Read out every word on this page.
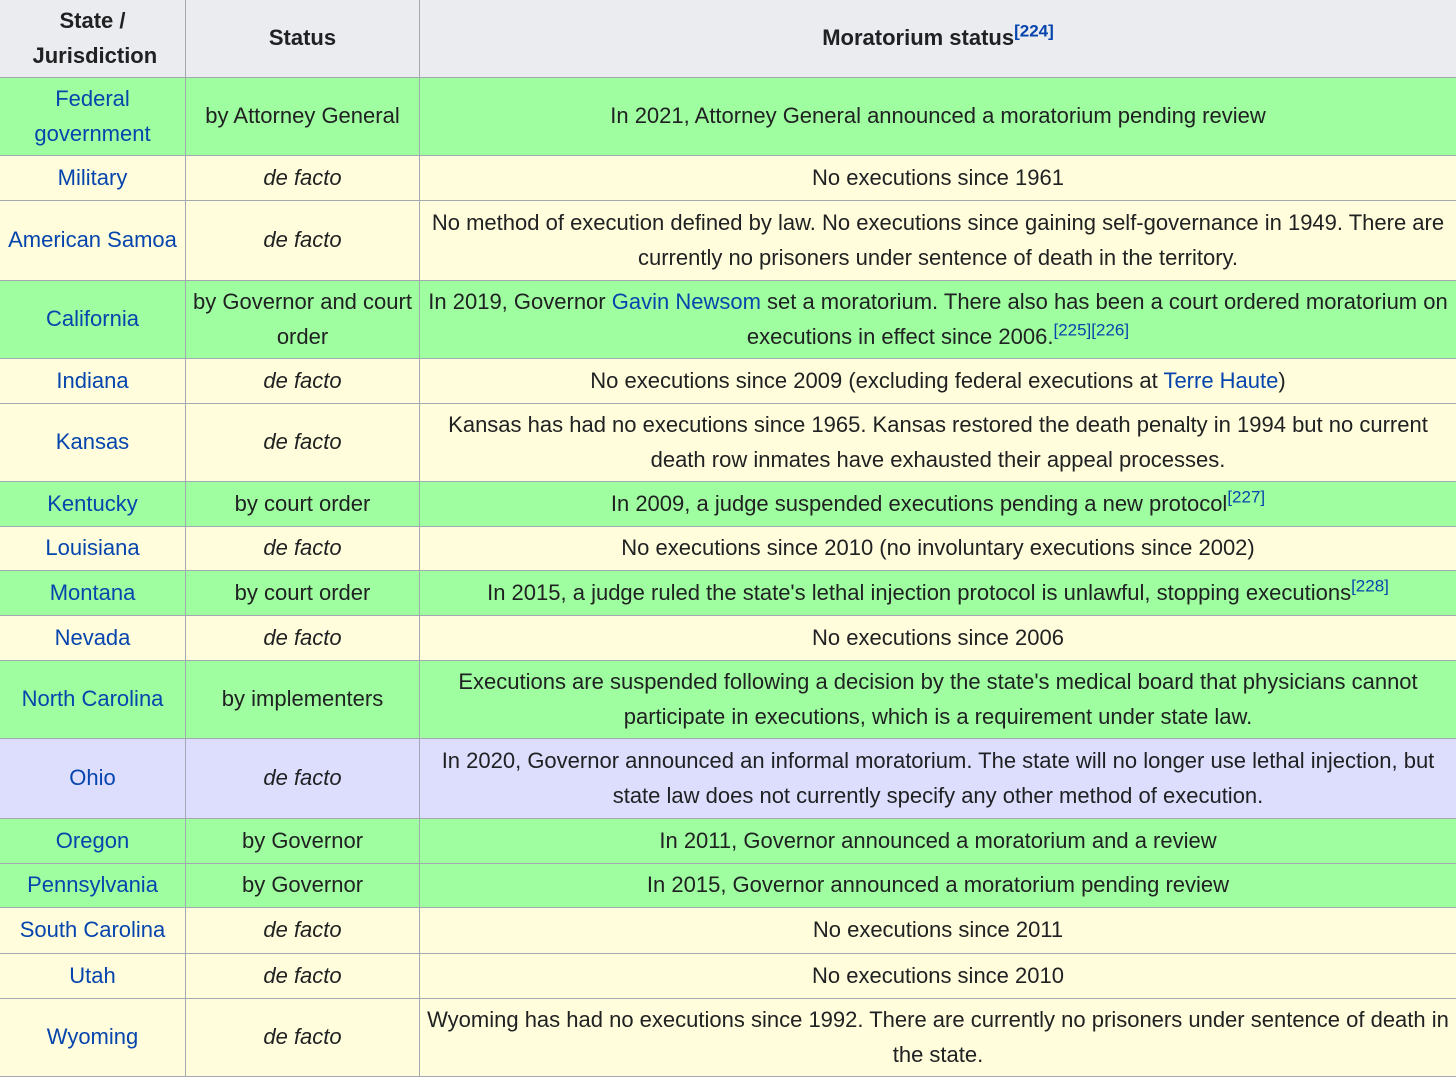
State / Jurisdiction	Status	Moratorium status[224]
Federal government	by Attorney General	In 2021, Attorney General announced a moratorium pending review
Military	de facto	No executions since 1961
American Samoa	de facto	No method of execution defined by law. No executions since gaining self-governance in 1949. There are currently no prisoners under sentence of death in the territory.
California	by Governor and court order	In 2019, Governor Gavin Newsom set a moratorium. There also has been a court ordered moratorium on executions in effect since 2006.[225][226]
Indiana	de facto	No executions since 2009 (excluding federal executions at Terre Haute)
Kansas	de facto	Kansas has had no executions since 1965. Kansas restored the death penalty in 1994 but no current death row inmates have exhausted their appeal processes.
Kentucky	by court order	In 2009, a judge suspended executions pending a new protocol[227]
Louisiana	de facto	No executions since 2010 (no involuntary executions since 2002)
Montana	by court order	In 2015, a judge ruled the state's lethal injection protocol is unlawful, stopping executions[228]
Nevada	de facto	No executions since 2006
North Carolina	by implementers	Executions are suspended following a decision by the state's medical board that physicians cannot participate in executions, which is a requirement under state law.
Ohio	de facto	In 2020, Governor announced an informal moratorium. The state will no longer use lethal injection, but state law does not currently specify any other method of execution.
Oregon	by Governor	In 2011, Governor announced a moratorium and a review
Pennsylvania	by Governor	In 2015, Governor announced a moratorium pending review
South Carolina	de facto	No executions since 2011
Utah	de facto	No executions since 2010
Wyoming	de facto	Wyoming has had no executions since 1992. There are currently no prisoners under sentence of death in the state.
